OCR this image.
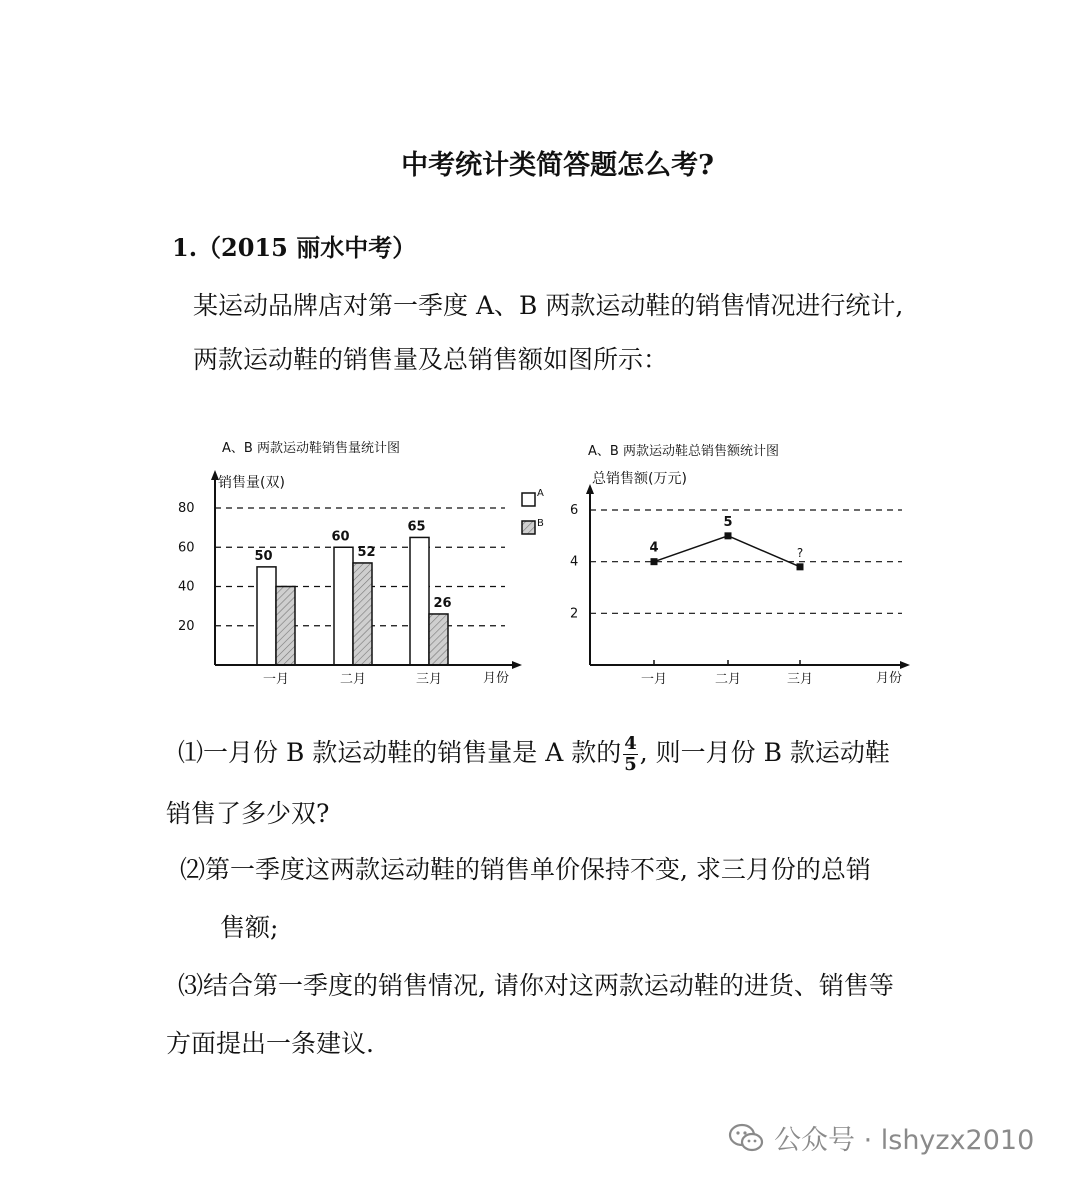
中考统计类简答题怎么考?
1.（2015 丽水中考）
某运动品牌店对第一季度 A、B 两款运动鞋的销售情况进行统计,
两款运动鞋的销售量及总销售额如图所示：
A、B 两款运动鞋销售量统计图
销售量(双)
20
40
60
80
50
一月
60
52
二月
65
26
三月	月份
A
B
A、B 两款运动鞋总销售额统计图
总销售额(万元)
2
4
6
4
5
?
一月	二月	三月	月份
⑴一月份 B 款运动鞋的销售量是 A 款的 $\frac{4}{5}$ , 则一月份 B 款运动鞋
销售了多少双?
⑵第一季度这两款运动鞋的销售单价保持不变, 求三月份的总销
售额;
⑶结合第一季度的销售情况, 请你对这两款运动鞋的进货、销售等
方面提出一条建议.
公众号 · lshyzx2010
